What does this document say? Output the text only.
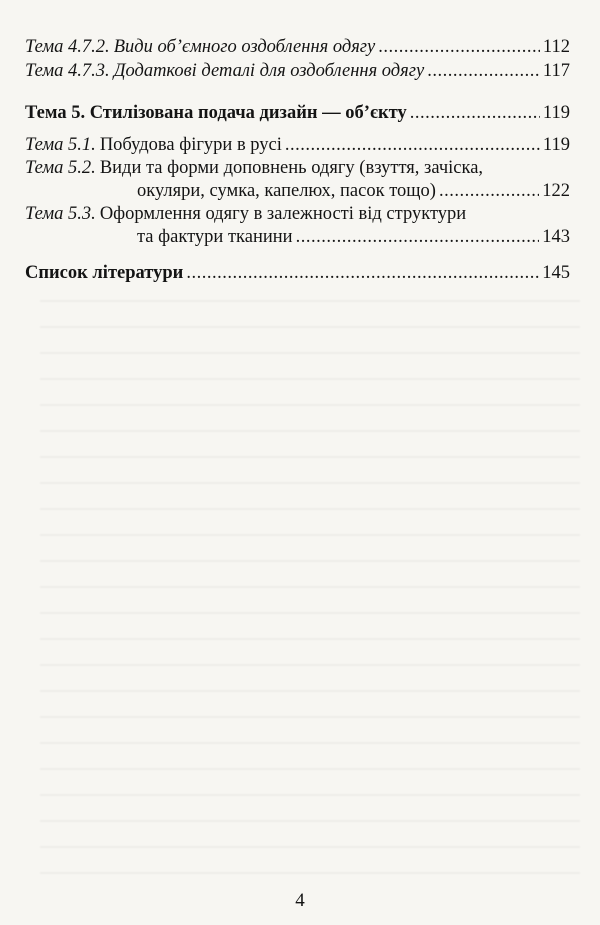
Тема 4.7.2. Види об’ємного оздоблення одягу .....	112
Тема 4.7.3. Додаткові деталі для оздоблення одягу .....	117
Тема 5. Стилізована подача дизайн — об’єкту .....	119
Тема 5.1. Побудова фігури в русі .....	119
Тема 5.2. Види та форми доповнень одягу (взуття, зачіска,
окуляри, сумка, капелюх, пасок тощо) .....	122
Тема 5.3. Оформлення одягу в залежності від структури
та фактури тканини .....	143
Список літератури .....	145
4
